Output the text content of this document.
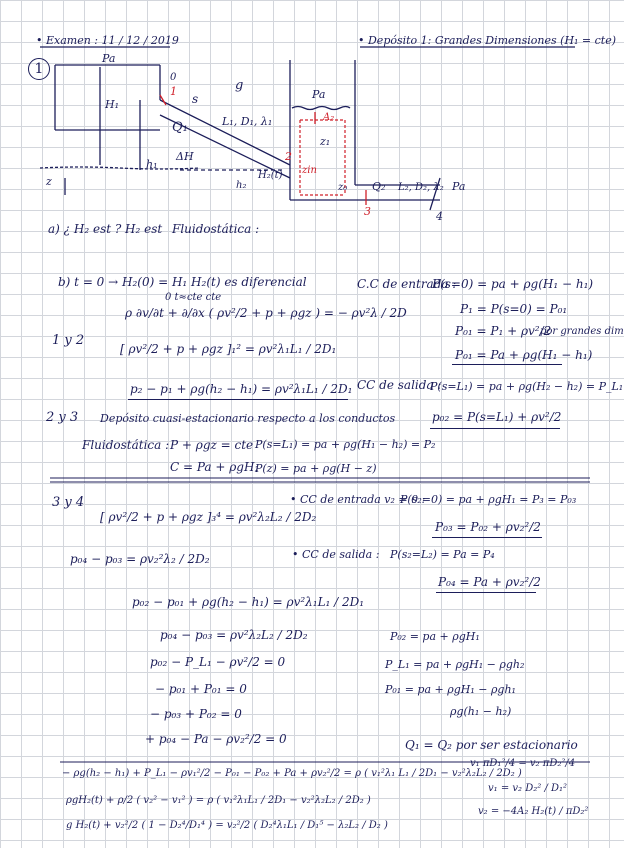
• Examen : 11 / 12 / 2019	• Depósito 1: Grandes Dimensiones (H₁ = cte)
1
Pa
H₁
Q₁
s
g
L₁, D₁, λ₁
ΔH
h₁
1
2
3	4
0
Pa
A₂
z₁
H₂(t)
h₂
zin
z₀ Q₂ L₂, D₂, λ₂ Pa
z
a) ¿ H₂ est ? H₂ est Fluidostática :
b) t = 0 → H₂(0) = H₁ H₂(t) es diferencial
0 t≈cte cte
ρ ∂v/∂t + ∂/∂x ( ρv²/2 + p + ρgz ) = − ρv²λ / 2D
1 y 2
[ ρv²/2 + p + ρgz ]₁² = ρv²λ₁L₁ / 2D₁
p₂ − p₁ + ρg(h₂ − h₁) = ρv²λ₁L₁ / 2D₁
C.C de entrada :
P(s=0) = pa + ρg(H₁ − h₁)
P₁ = P(s=0) = P₀₁
P₀₁ = P₁ + ρv²/2
por grandes dim
P₀₁ = Pa + ρg(H₁ − h₁)
CC de salida :
P(s=L₁) = pa + ρg(H₂ − h₂) = P_L₁
p₀₂ = P(s=L₁) + ρv²/2
2 y 3 Depósito cuasi-estacionario respecto a los conductos
Fluidostática : P + ρgz = cte P(s=L₁) = pa + ρg(H₁ − h₂) = P₂
C = Pa + ρgH₁
P(z) = pa + ρg(H − z)
3 y 4
[ ρv²/2 + p + ρgz ]₃⁴ = ρv²λ₂L₂ / 2D₂
p₀₄ − p₀₃ = ρv₂²λ₂ / 2D₂
• CC de entrada v₂ = 0 :
P(s₂=0) = pa + ρgH₁ = P₃ = P₀₃
P₀₃ = P₀₂ + ρv₂²/2
• CC de salida : P(s₂=L₂) = Pa = P₄
P₀₄ = Pa + ρv₂²/2
p₀₂ − p₀₁ + ρg(h₂ − h₁) = ρv²λ₁L₁ / 2D₁
p₀₄ − p₀₃ = ρv²λ₂L₂ / 2D₂	P₀₂ = pa + ρgH₁
P_L₁ = pa + ρgH₁ − ρgh₂
P₀₁ = pa + ρgH₁ − ρgh₁
ρg(h₁ − h₂)
p₀₂ − P_L₁ − ρv²/2 = 0
− p₀₁ + P₀₁ = 0
− p₀₃ + P₀₂ = 0
+ p₀₄ − Pa − ρv₂²/2 = 0	Q₁ = Q₂ por ser estacionario
v₁ πD₁²/4 = v₂ πD₂²/4
− ρg(h₂ − h₁) + P_L₁ − ρv₁²/2 − P₀₁ − P₀₂ + Pa + ρv₂²/2 = ρ ( v₁²λ₁ L₁ / 2D₁ − v₂²λ₂L₂ / 2D₂ )
ρgH₂(t) + ρ/2 ( v₂² − v₁² ) = ρ ( v₁²λ₁L₁ / 2D₁ − v₂²λ₂L₂ / 2D₂ )
g H₂(t) + v₂²/2 ( 1 − D₂⁴/D₁⁴ ) = v₂²/2 ( D₂⁴λ₁L₁ / D₁⁵ − λ₂L₂ / D₂ )
v₁ = v₂ D₂² / D₁²
v₂ = −4A₂ H₂(t) / πD₂²
